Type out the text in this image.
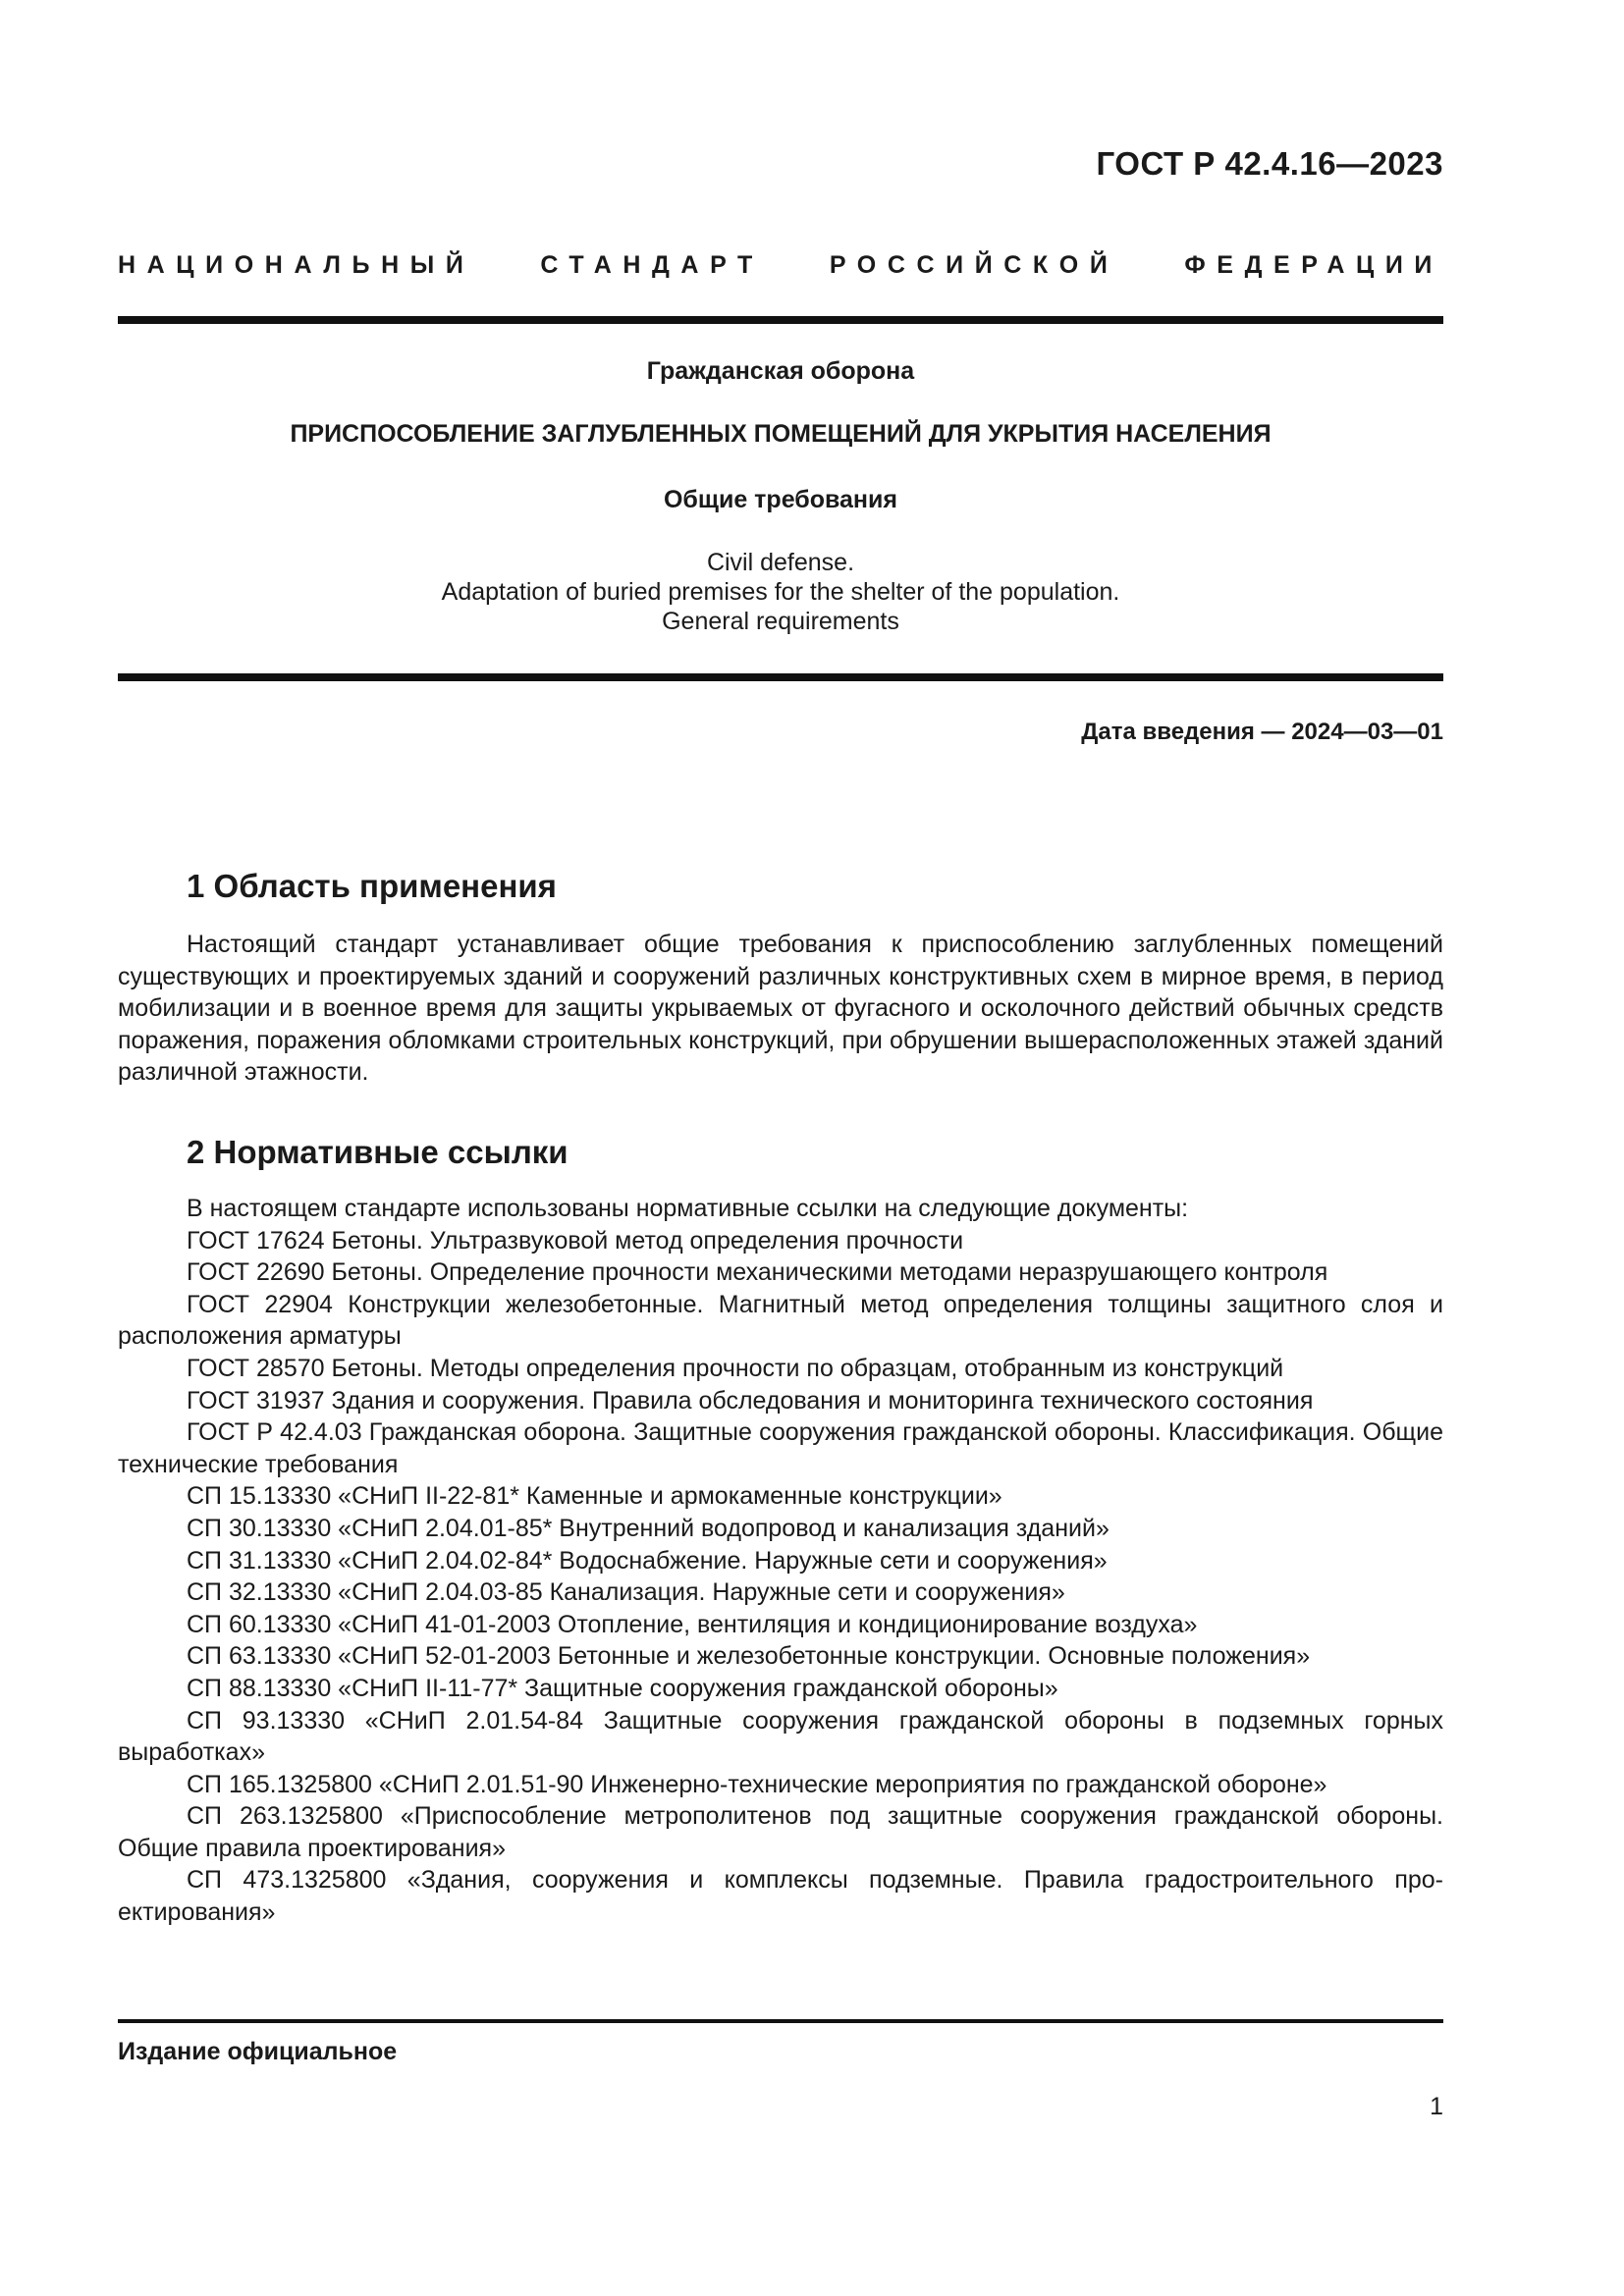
ГОСТ Р 42.4.16—2023
НАЦИОНАЛЬНЫЙ СТАНДАРТ РОССИЙСКОЙ ФЕДЕРАЦИИ
Гражданская оборона
ПРИСПОСОБЛЕНИЕ ЗАГЛУБЛЕННЫХ ПОМЕЩЕНИЙ ДЛЯ УКРЫТИЯ НАСЕЛЕНИЯ
Общие требования
Civil defense.
Adaptation of buried premises for the shelter of the population.
General requirements
Дата введения — 2024—03—01
1 Область применения

Настоящий стандарт устанавливает общие требования к приспособлению заглубленных помещений существующих и проектируемых зданий и сооружений различных конструктивных схем в мирное время, в период мобилизации и в военное время для защиты укрываемых от фугасного и осколочного действий обычных средств поражения, поражения обломками строительных конструкций, при обрушении вышерасположенных этажей зданий различной этажности.

2 Нормативные ссылки

В настоящем стандарте использованы нормативные ссылки на следующие документы:

ГОСТ 17624 Бетоны. Ультразвуковой метод определения прочности

ГОСТ 22690 Бетоны. Определение прочности механическими методами неразрушающего контроля

ГОСТ 22904 Конструкции железобетонные. Магнитный метод определения толщины защитного слоя и расположения арматуры

ГОСТ 28570 Бетоны. Методы определения прочности по образцам, отобранным из конструкций

ГОСТ 31937 Здания и сооружения. Правила обследования и мониторинга технического состояния

ГОСТ Р 42.4.03 Гражданская оборона. Защитные сооружения гражданской обороны. Классификация. Общие технические требования

СП 15.13330 «СНиП II-22-81* Каменные и армокаменные конструкции»

СП 30.13330 «СНиП 2.04.01-85* Внутренний водопровод и канализация зданий»

СП 31.13330 «СНиП 2.04.02-84* Водоснабжение. Наружные сети и сооружения»

СП 32.13330 «СНиП 2.04.03-85 Канализация. Наружные сети и сооружения»

СП 60.13330 «СНиП 41-01-2003 Отопление, вентиляция и кондиционирование воздуха»

СП 63.13330 «СНиП 52-01-2003 Бетонные и железобетонные конструкции. Основные положения»

СП 88.13330 «СНиП II-11-77* Защитные сооружения гражданской обороны»

СП 93.13330 «СНиП 2.01.54-84 Защитные сооружения гражданской обороны в подземных горных выработках»

СП 165.1325800 «СНиП 2.01.51-90 Инженерно-технические мероприятия по гражданской обороне»

СП 263.1325800 «Приспособление метрополитенов под защитные сооружения гражданской обороны. Общие правила проектирования»

СП 473.1325800 «Здания, сооружения и комплексы подземные. Правила градостроительного проектирования»

Издание официальное
1
